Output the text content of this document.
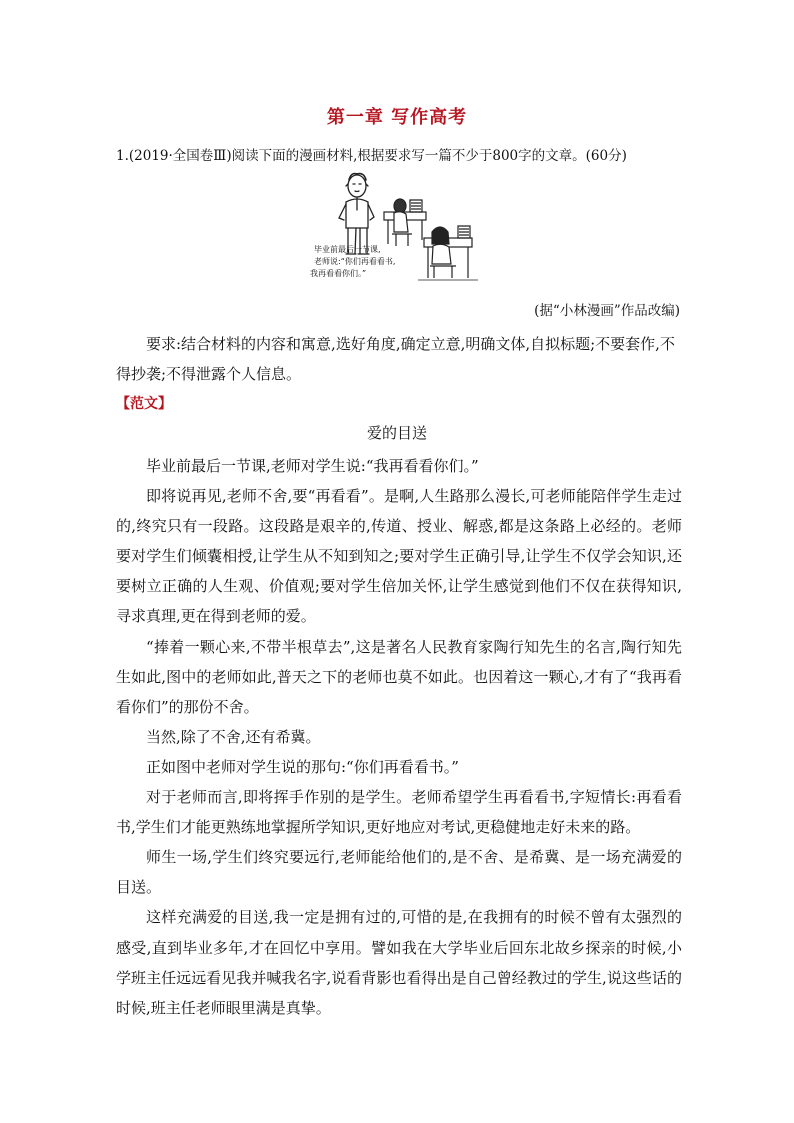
第一章 写作高考
1.(2019·全国卷Ⅲ)阅读下面的漫画材料,根据要求写一篇不少于800字的文章。(60分)
毕业前最后一节课,
老师说:“你们再看看书,
我再看看你们。”
(据“小林漫画”作品改编)

要求:结合材料的内容和寓意,选好角度,确定立意,明确文体,自拟标题;不要套作,不得抄袭;不得泄露个人信息。

【范文】
爱的目送

毕业前最后一节课,老师对学生说:“我再看看你们。”

即将说再见,老师不舍,要“再看看”。是啊,人生路那么漫长,可老师能陪伴学生走过的,终究只有一段路。这段路是艰辛的,传道、授业、解惑,都是这条路上必经的。老师要对学生们倾囊相授,让学生从不知到知之;要对学生正确引导,让学生不仅学会知识,还要树立正确的人生观、价值观;要对学生倍加关怀,让学生感觉到他们不仅在获得知识,寻求真理,更在得到老师的爱。

“捧着一颗心来,不带半根草去”,这是著名人民教育家陶行知先生的名言,陶行知先生如此,图中的老师如此,普天之下的老师也莫不如此。也因着这一颗心,才有了“我再看看你们”的那份不舍。

当然,除了不舍,还有希冀。

正如图中老师对学生说的那句:“你们再看看书。”

对于老师而言,即将挥手作别的是学生。老师希望学生再看看书,字短情长:再看看书,学生们才能更熟练地掌握所学知识,更好地应对考试,更稳健地走好未来的路。

师生一场,学生们终究要远行,老师能给他们的,是不舍、是希冀、是一场充满爱的目送。

这样充满爱的目送,我一定是拥有过的,可惜的是,在我拥有的时候不曾有太强烈的感受,直到毕业多年,才在回忆中享用。譬如我在大学毕业后回东北故乡探亲的时候,小学班主任远远看见我并喊我名字,说看背影也看得出是自己曾经教过的学生,说这些话的时候,班主任老师眼里满是真挚。
